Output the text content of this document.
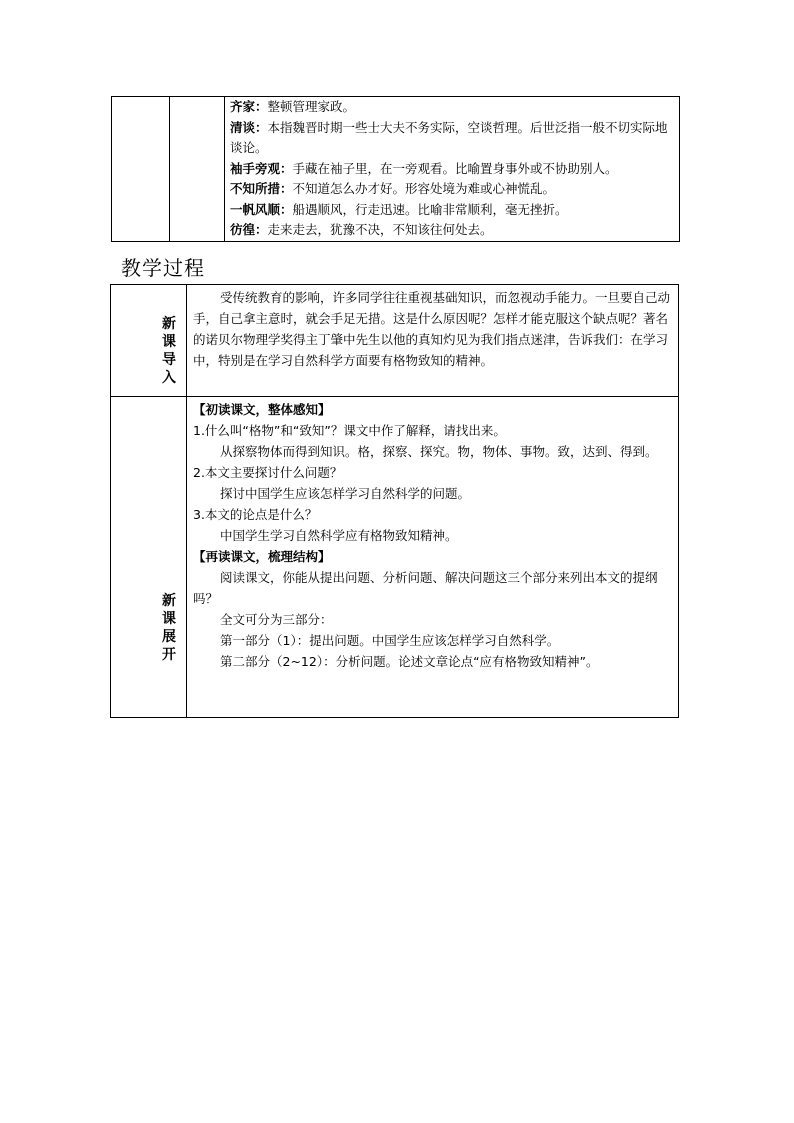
齐家：整顿管理家政。
清谈：本指魏晋时期一些士大夫不务实际，空谈哲理。后世泛指一般不切实际地谈论。
袖手旁观：手藏在袖子里，在一旁观看。比喻置身事外或不协助别人。
不知所措：不知道怎么办才好。形容处境为难或心神慌乱。
一帆风顺：船遇顺风，行走迅速。比喻非常顺利，毫无挫折。
彷徨：走来走去，犹豫不决，不知该往何处去。
教学过程
新课导入
受传统教育的影响，许多同学往往重视基础知识，而忽视动手能力。一旦要自己动手，自己拿主意时，就会手足无措。这是什么原因呢？怎样才能克服这个缺点呢？著名的诺贝尔物理学奖得主丁肇中先生以他的真知灼见为我们指点迷津，告诉我们：在学习中，特别是在学习自然科学方面要有格物致知的精神。
新课展开
【初读课文，整体感知】
1.什么叫“格物”和“致知”？课文中作了解释，请找出来。
从探察物体而得到知识。格，探察、探究。物，物体、事物。致，达到、得到。
2.本文主要探讨什么问题？
探讨中国学生应该怎样学习自然科学的问题。
3.本文的论点是什么？
中国学生学习自然科学应有格物致知精神。
【再读课文，梳理结构】
阅读课文，你能从提出问题、分析问题、解决问题这三个部分来列出本文的提纲吗？
全文可分为三部分：
第一部分（1）：提出问题。中国学生应该怎样学习自然科学。
第二部分（2~12）：分析问题。论述文章论点“应有格物致知精神”。
